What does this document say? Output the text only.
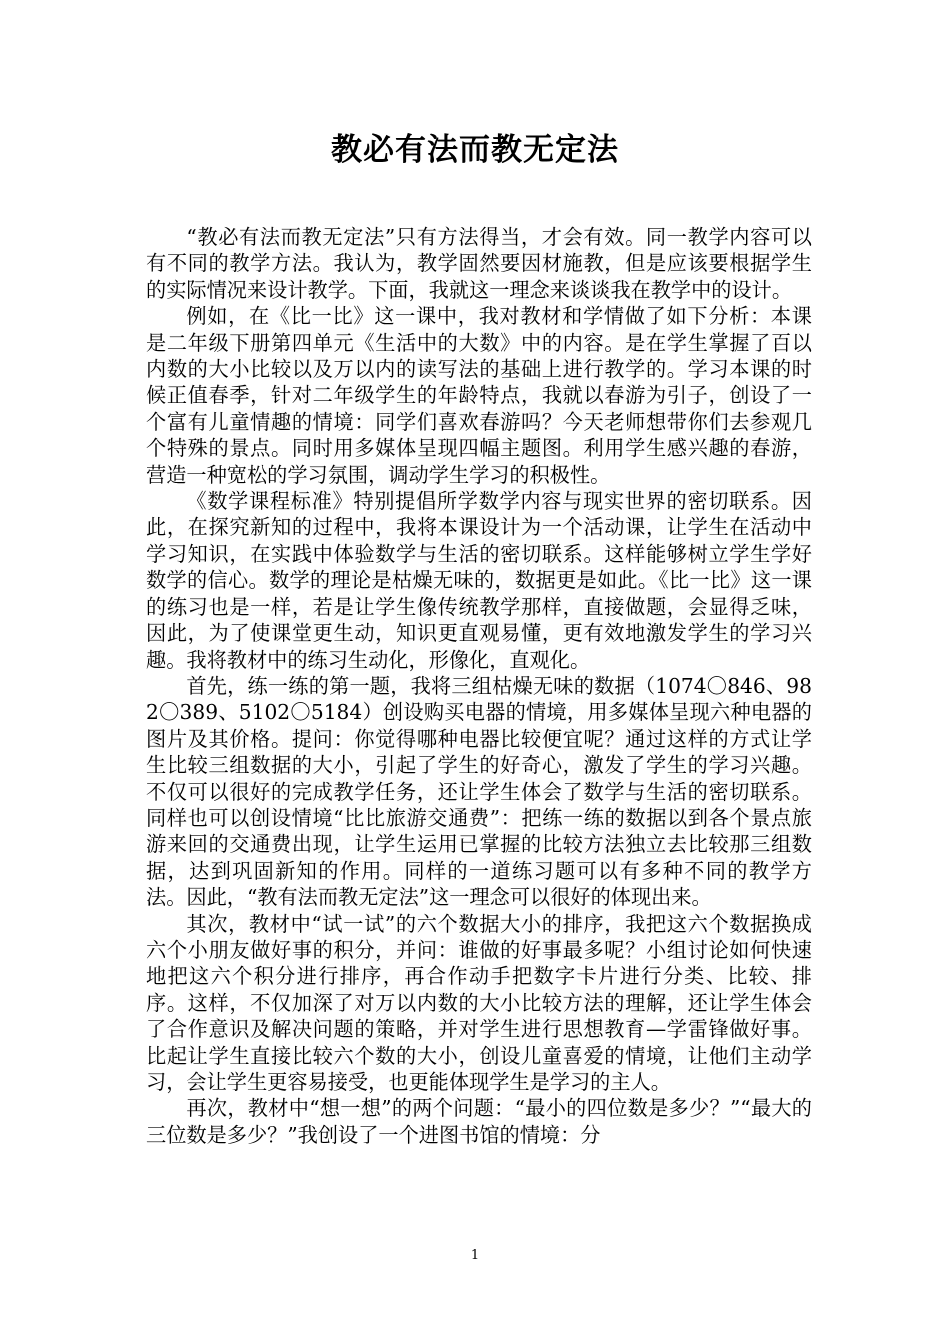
教必有法而教无定法

“教必有法而教无定法”只有方法得当，才会有效。同一教学内容可以有不同的教学方法。我认为，教学固然要因材施教，但是应该要根据学生的实际情况来设计教学。下面，我就这一理念来谈谈我在教学中的设计。

例如，在《比一比》这一课中，我对教材和学情做了如下分析：本课是二年级下册第四单元《生活中的大数》中的内容。是在学生掌握了百以内数的大小比较以及万以内的读写法的基础上进行教学的。学习本课的时候正值春季，针对二年级学生的年龄特点，我就以春游为引子，创设了一个富有儿童情趣的情境：同学们喜欢春游吗？今天老师想带你们去参观几个特殊的景点。同时用多媒体呈现四幅主题图。利用学生感兴趣的春游，营造一种宽松的学习氛围，调动学生学习的积极性。

《数学课程标准》特别提倡所学数学内容与现实世界的密切联系。因此，在探究新知的过程中，我将本课设计为一个活动课，让学生在活动中学习知识，在实践中体验数学与生活的密切联系。这样能够树立学生学好数学的信心。数学的理论是枯燥无味的，数据更是如此。《比一比》这一课的练习也是一样，若是让学生像传统教学那样，直接做题，会显得乏味，因此，为了使课堂更生动，知识更直观易懂，更有效地激发学生的学习兴趣。我将教材中的练习生动化，形像化，直观化。

首先，练一练的第一题，我将三组枯燥无味的数据（1074〇846、982〇389、5102〇5184）创设购买电器的情境，用多媒体呈现六种电器的图片及其价格。提问：你觉得哪种电器比较便宜呢？通过这样的方式让学生比较三组数据的大小，引起了学生的好奇心，激发了学生的学习兴趣。不仅可以很好的完成教学任务，还让学生体会了数学与生活的密切联系。同样也可以创设情境“比比旅游交通费”：把练一练的数据以到各个景点旅游来回的交通费出现，让学生运用已掌握的比较方法独立去比较那三组数据，达到巩固新知的作用。同样的一道练习题可以有多种不同的教学方法。因此，“教有法而教无定法”这一理念可以很好的体现出来。

其次，教材中“试一试”的六个数据大小的排序，我把这六个数据换成六个小朋友做好事的积分，并问：谁做的好事最多呢？小组讨论如何快速地把这六个积分进行排序，再合作动手把数字卡片进行分类、比较、排序。这样，不仅加深了对万以内数的大小比较方法的理解，还让学生体会了合作意识及解决问题的策略，并对学生进行思想教育—学雷锋做好事。比起让学生直接比较六个数的大小，创设儿童喜爱的情境，让他们主动学习，会让学生更容易接受，也更能体现学生是学习的主人。

再次，教材中“想一想”的两个问题：“最小的四位数是多少？”“最大的三位数是多少？”我创设了一个进图书馆的情境：分

1
